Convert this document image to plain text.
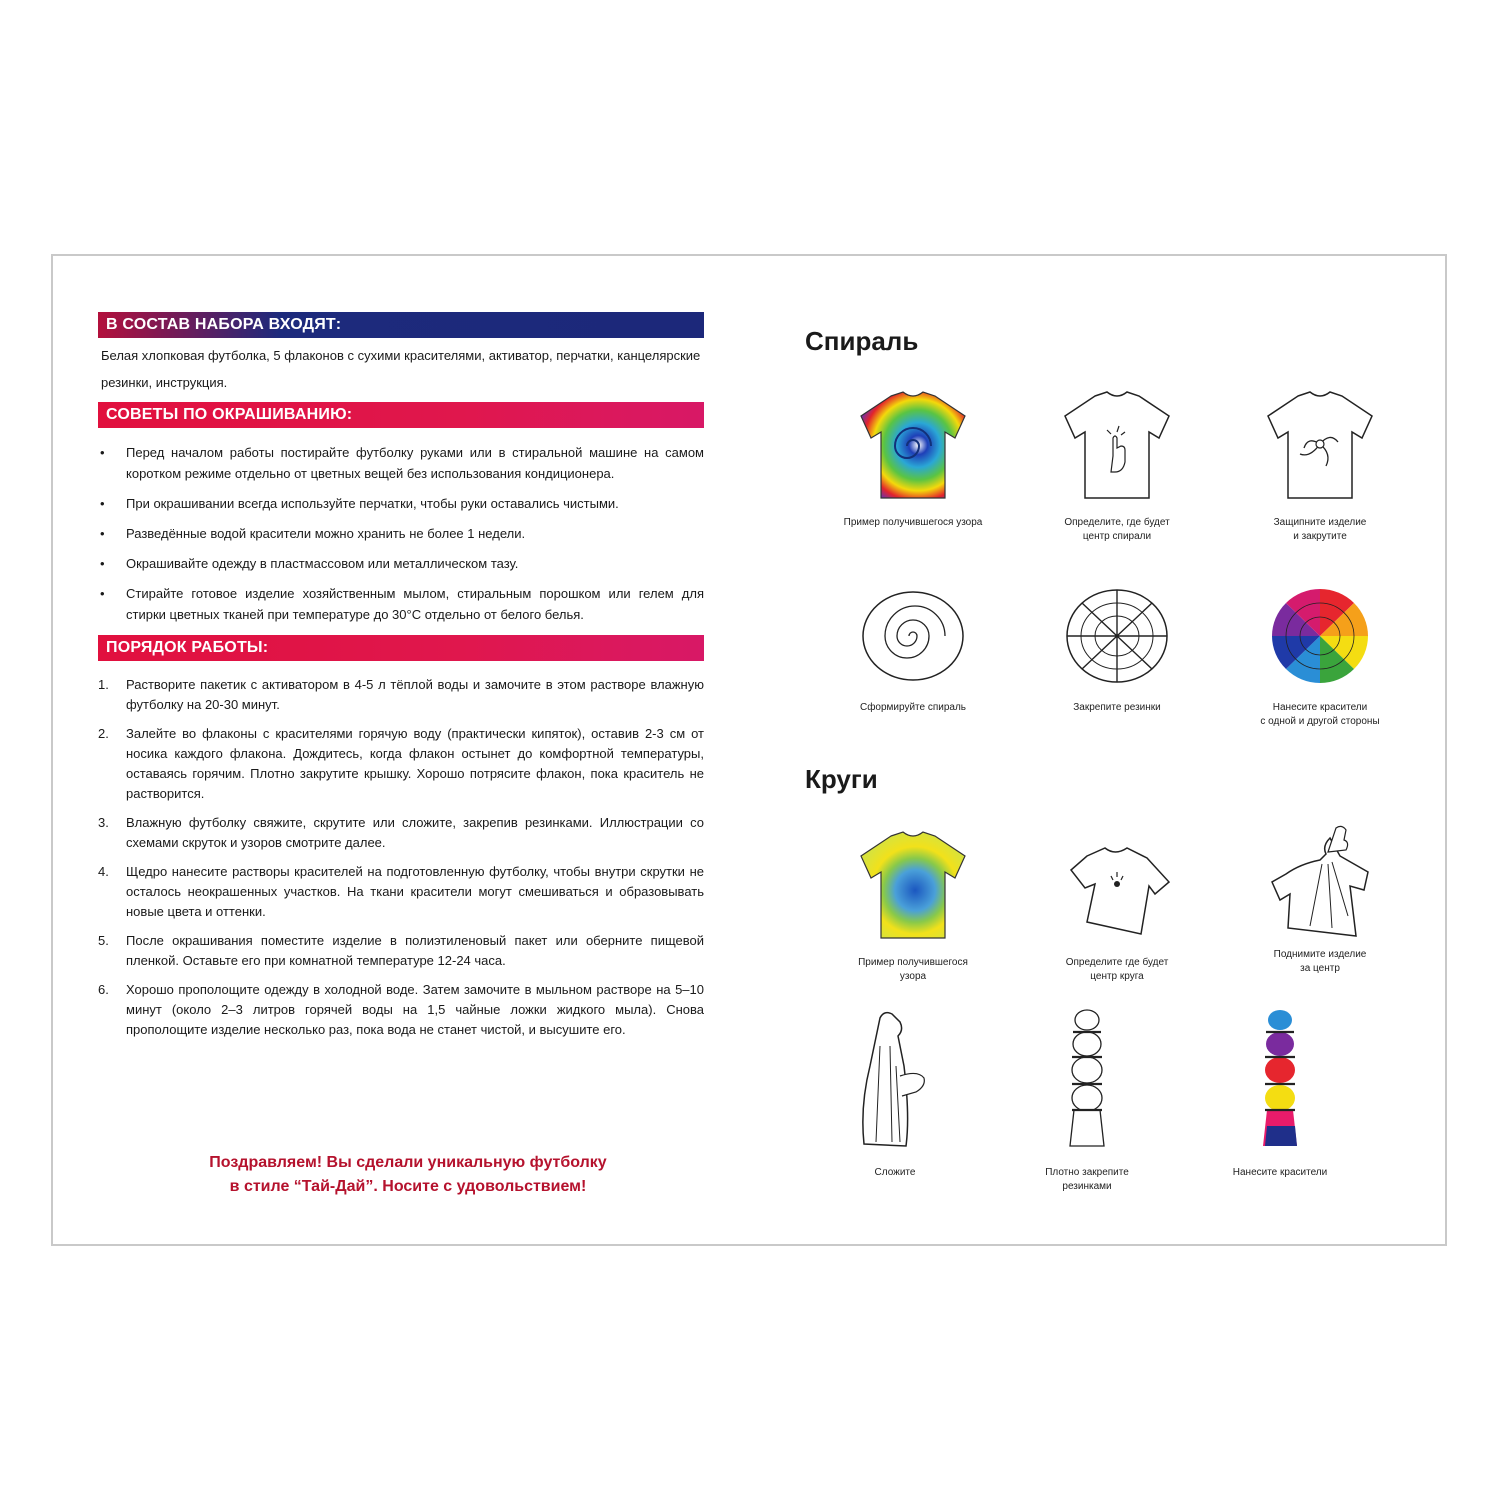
В СОСТАВ НАБОРА ВХОДЯТ:
Белая хлопковая футболка, 5 флаконов с сухими красителями, активатор, перчатки, канцелярские резинки, инструкция.
СОВЕТЫ ПО ОКРАШИВАНИЮ:
• Перед началом работы постирайте футболку руками или в стиральной машине на самом коротком режиме отдельно от цветных вещей без использования кондиционера.
• При окрашивании всегда используйте перчатки, чтобы руки оставались чистыми.
• Разведённые водой красители можно хранить не более 1 недели.
• Окрашивайте одежду в пластмассовом или металлическом тазу.
• Стирайте готовое изделие хозяйственным мылом, стиральным порошком или гелем для стирки цветных тканей при температуре до 30°С отдельно от белого белья.
ПОРЯДОК РАБОТЫ:
1. Растворите пакетик с активатором в 4-5 л тёплой воды и замочите в этом растворе влажную футболку на 20-30 минут.
2. Залейте во флаконы с красителями горячую воду (практически кипяток), оставив 2-3 см от носика каждого флакона. Дождитесь, когда флакон остынет до комфортной температуры, оставаясь горячим. Плотно закрутите крышку. Хорошо потрясите флакон, пока краситель не растворится.
3. Влажную футболку свяжите, скрутите или сложите, закрепив резинками. Иллюстрации со схемами скруток и узоров смотрите далее.
4. Щедро нанесите растворы красителей на подготовленную футболку, чтобы внутри скрутки не осталось неокрашенных участков. На ткани красители могут смешиваться и образовывать новые цвета и оттенки.
5. После окрашивания поместите изделие в полиэтиленовый пакет или оберните пищевой пленкой. Оставьте его при комнатной температуре 12-24 часа.
6. Хорошо прополощите одежду в холодной воде. Затем замочите в мыльном растворе на 5–10 минут (около 2–3 литров горячей воды на 1,5 чайные ложки жидкого мыла). Снова прополощите изделие несколько раз, пока вода не станет чистой, и высушите его.
Поздравляем! Вы сделали уникальную футболку
в стиле “Тай-Дай”. Носите с удовольствием!
Спираль
Пример получившегося узора	Определите, где будет
центр спирали
Защипните изделие
и закрутите
Сформируйте спираль	Закрепите резинки	Нанесите красители
с одной и другой стороны
Круги
Пример получившегося
узора
Определите где будет
центр круга
Поднимите изделие
за центр
Сложите	Плотно закрепите
резинками
Нанесите красители
